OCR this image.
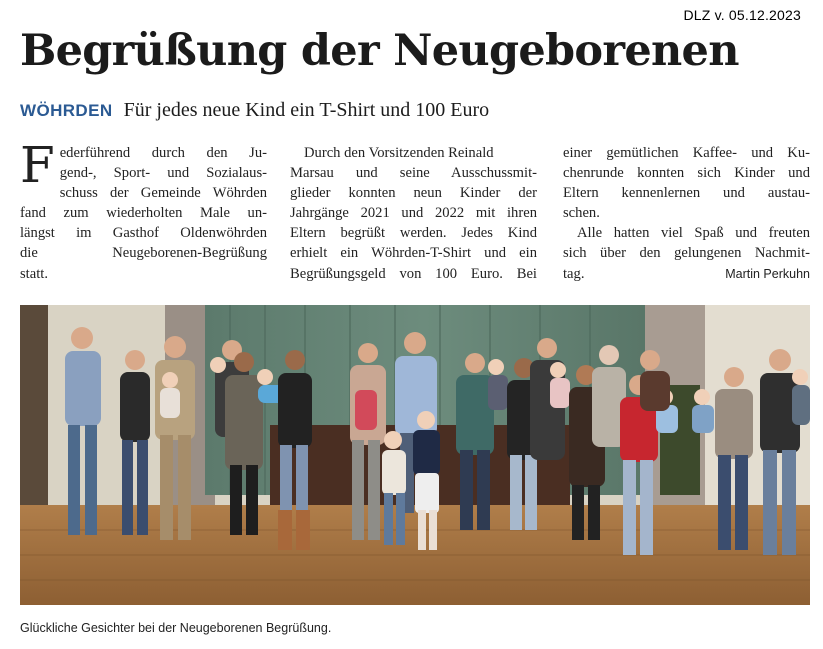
DLZ v. 05.12.2023
Begrüßung der Neugeborenen
WÖHRDEN Für jedes neue Kind ein T-Shirt und 100 Euro
F ederführend durch den Ju-
gend-, Sport- und Sozialaus-
schuss der Gemeinde Wöhrden
fand zum wiederholten Male un-
längst im Gasthof Oldenwöhrden
die Neugeborenen-Begrüßung
statt.
Durch den Vorsitzenden Reinald
Marsau und seine Ausschussmit-
glieder konnten neun Kinder der
Jahrgänge 2021 und 2022 mit ihren
Eltern begrüßt werden. Jedes Kind
erhielt ein Wöhrden-T-Shirt und ein
Begrüßungsgeld von 100 Euro. Bei
einer gemütlichen Kaffee- und Ku-
chenrunde konnten sich Kinder und
Eltern kennenlernen und austau-
schen.
Alle hatten viel Spaß und freuten
sich über den gelungenen Nachmit-
tag.	Martin Perkuhn
Glückliche Gesichter bei der Neugeborenen Begrüßung.
